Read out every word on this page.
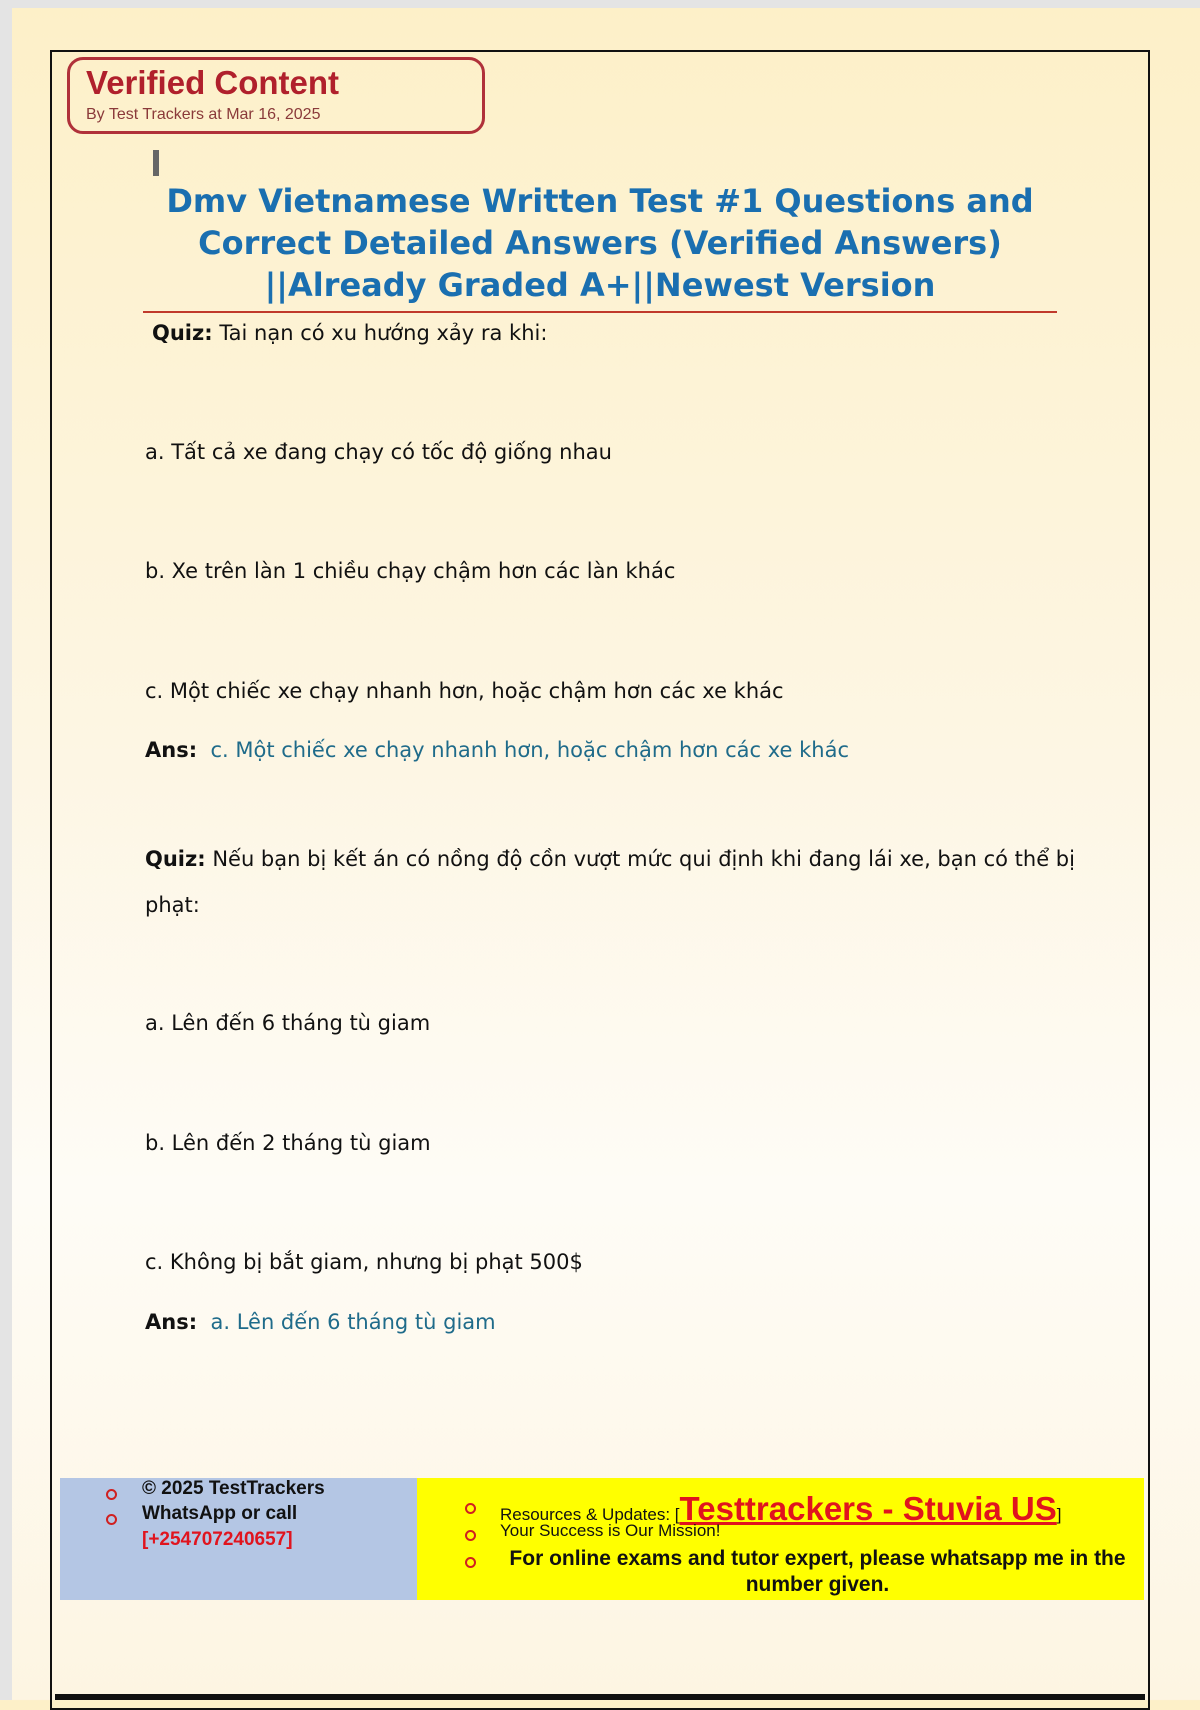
Verified Content
By Test Trackers at Mar 16, 2025
Dmv Vietnamese Written Test #1 Questions and
Correct Detailed Answers (Verified Answers)
||Already Graded A+||Newest Version
Quiz: Tai nạn có xu hướng xảy ra khi:
a. Tất cả xe đang chạy có tốc độ giống nhau
b. Xe trên làn 1 chiều chạy chậm hơn các làn khác
c. Một chiếc xe chạy nhanh hơn, hoặc chậm hơn các xe khác
Ans: c. Một chiếc xe chạy nhanh hơn, hoặc chậm hơn các xe khác
Quiz: Nếu bạn bị kết án có nồng độ cồn vượt mức qui định khi đang lái xe, bạn có thể bị
phạt:
a. Lên đến 6 tháng tù giam
b. Lên đến 2 tháng tù giam
c. Không bị bắt giam, nhưng bị phạt 500$
Ans: a. Lên đến 6 tháng tù giam
© 2025 TestTrackers
WhatsApp or call
[+254707240657]
Resources & Updates: [Testtrackers - Stuvia US]
Your Success is Our Mission!
For online exams and tutor expert, please whatsapp me in the number given.
